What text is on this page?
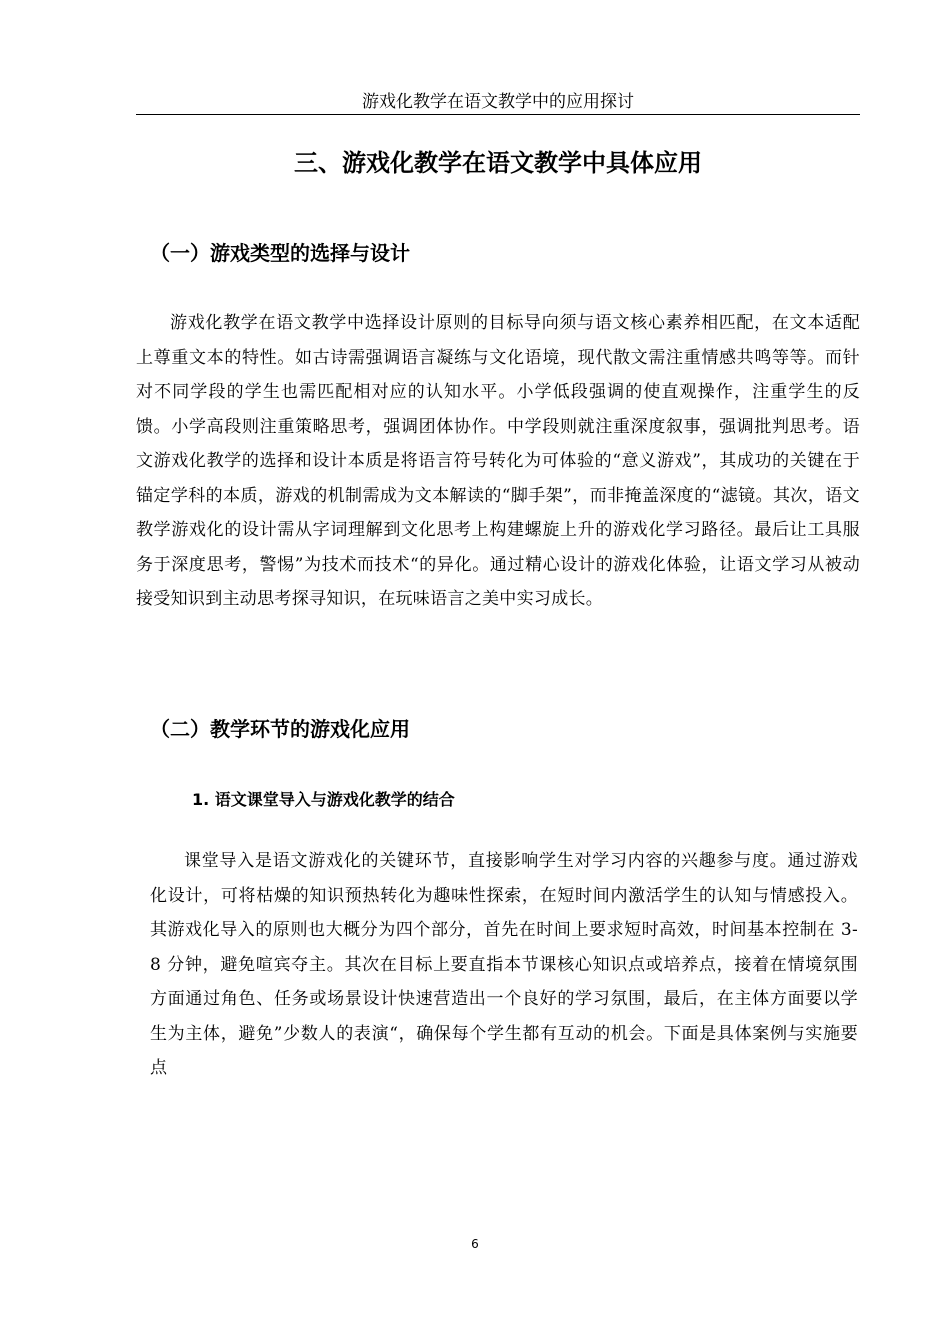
游戏化教学在语文教学中的应用探讨
三、游戏化教学在语文教学中具体应用
（一）游戏类型的选择与设计

游戏化教学在语文教学中选择设计原则的目标导向须与语文核心素养相匹配，在文本适配上尊重文本的特性。如古诗需强调语言凝练与文化语境，现代散文需注重情感共鸣等等。而针对不同学段的学生也需匹配相对应的认知水平。小学低段强调的使直观操作，注重学生的反馈。小学高段则注重策略思考，强调团体协作。中学段则就注重深度叙事，强调批判思考。语文游戏化教学的选择和设计本质是将语言符号转化为可体验的“意义游戏”，其成功的关键在于锚定学科的本质，游戏的机制需成为文本解读的“脚手架”，而非掩盖深度的“滤镜。其次，语文教学游戏化的设计需从字词理解到文化思考上构建螺旋上升的游戏化学习路径。最后让工具服务于深度思考，警惕”为技术而技术“的异化。通过精心设计的游戏化体验，让语文学习从被动接受知识到主动思考探寻知识，在玩味语言之美中实习成长。

（二）教学环节的游戏化应用
1. 语文课堂导入与游戏化教学的结合

课堂导入是语文游戏化的关键环节，直接影响学生对学习内容的兴趣参与度。通过游戏化设计，可将枯燥的知识预热转化为趣味性探索，在短时间内激活学生的认知与情感投入。其游戏化导入的原则也大概分为四个部分，首先在时间上要求短时高效，时间基本控制在 3-8 分钟，避免喧宾夺主。其次在目标上要直指本节课核心知识点或培养点，接着在情境氛围方面通过角色、任务或场景设计快速营造出一个良好的学习氛围，最后，在主体方面要以学生为主体，避免”少数人的表演“，确保每个学生都有互动的机会。下面是具体案例与实施要点

6
